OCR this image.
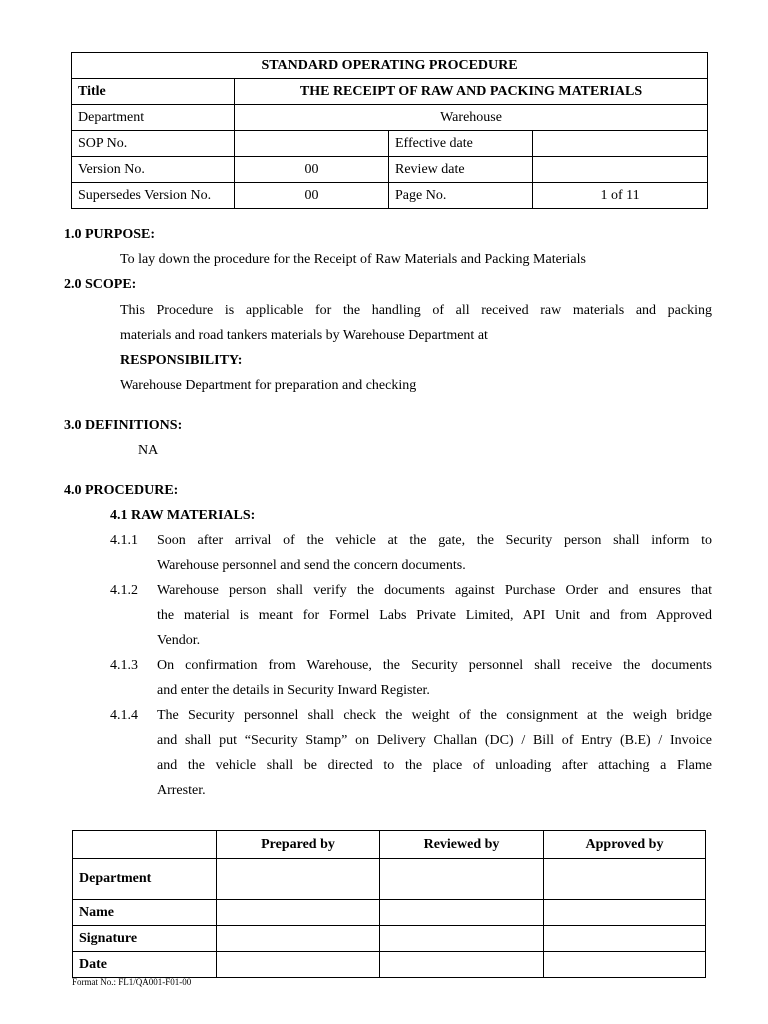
STANDARD OPERATING PROCEDURE			
Title	THE RECEIPT OF RAW AND PACKING MATERIALS		
Department	Warehouse		
SOP No.		Effective date	
Version No.	00	Review date	
Supersedes Version No.	00	Page No.	1 of 11
1.0 PURPOSE:
To lay down the procedure for the Receipt of Raw Materials and Packing Materials
2.0 SCOPE:
This Procedure is applicable for the handling of all received raw materials and packing
materials and road tankers materials by Warehouse Department at
RESPONSIBILITY:
Warehouse Department for preparation and checking
3.0 DEFINITIONS:
NA
4.0 PROCEDURE:
4.1 RAW MATERIALS:
4.1.1 Soon after arrival of the vehicle at the gate, the Security person shall inform to
Warehouse personnel and send the concern documents.
4.1.2 Warehouse person shall verify the documents against Purchase Order and ensures that
the material is meant for Formel Labs Private Limited, API Unit and from Approved
Vendor.
4.1.3 On confirmation from Warehouse, the Security personnel shall receive the documents
and enter the details in Security Inward Register.
4.1.4 The Security personnel shall check the weight of the consignment at the weigh bridge
and shall put “Security Stamp” on Delivery Challan (DC) / Bill of Entry (B.E) / Invoice
and the vehicle shall be directed to the place of unloading after attaching a Flame
Arrester.
	Prepared by	Reviewed by	Approved by
Department			
Name			
Signature			
Date			
Format No.: FL1/QA001-F01-00
